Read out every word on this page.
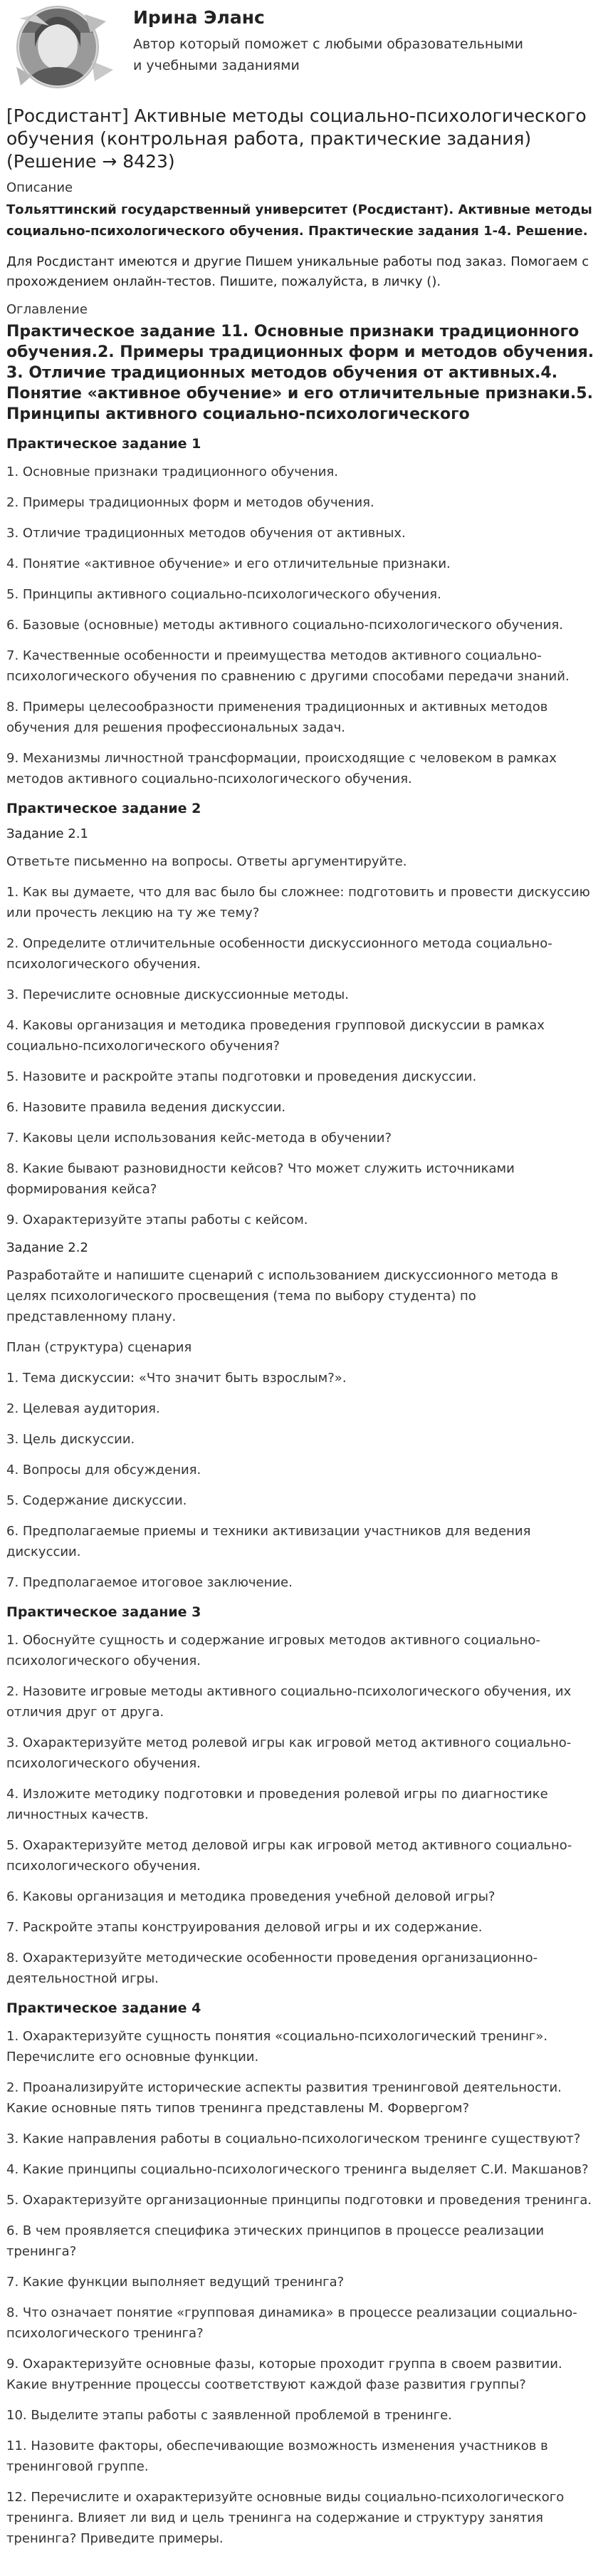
Ирина Эланс
Автор который поможет с любыми образовательными и учебными заданиями
[Росдистант] Активные методы социально-психологического обучения (контрольная работа, практические задания) (Решение → 8423)
Описание
Тольяттинский государственный университет (Росдистант). Активные методы социально-психологического обучения. Практические задания 1-4. Решение.
Для Росдистант имеются и другие Пишем уникальные работы под заказ. Помогаем с прохождением онлайн-тестов. Пишите, пожалуйста, в личку ().
Оглавление
Практическое задание 11. Основные признаки традиционного обучения.2. Примеры традиционных форм и методов обучения. 3. Отличие традиционных методов обучения от активных.4. Понятие «активное обучение» и его отличительные признаки.5. Принципы активного социально-психологического
Практическое задание 1
1. Основные признаки традиционного обучения.
2. Примеры традиционных форм и методов обучения.
3. Отличие традиционных методов обучения от активных.
4. Понятие «активное обучение» и его отличительные признаки.
5. Принципы активного социально-психологического обучения.
6. Базовые (основные) методы активного социально-психологического обучения.
7. Качественные особенности и преимущества методов активного социально-психологического обучения по сравнению с другими способами передачи знаний.
8. Примеры целесообразности применения традиционных и активных методов обучения для решения профессиональных задач.
9. Механизмы личностной трансформации, происходящие с человеком в рамках методов активного социально-психологического обучения.
Практическое задание 2
Задание 2.1
Ответьте письменно на вопросы. Ответы аргументируйте.
1. Как вы думаете, что для вас было бы сложнее: подготовить и провести дискуссию или прочесть лекцию на ту же тему?
2. Определите отличительные особенности дискуссионного метода социально-психологического обучения.
3. Перечислите основные дискуссионные методы.
4. Каковы организация и методика проведения групповой дискуссии в рамках социально-психологического обучения?
5. Назовите и раскройте этапы подготовки и проведения дискуссии.
6. Назовите правила ведения дискуссии.
7. Каковы цели использования кейс-метода в обучении?
8. Какие бывают разновидности кейсов? Что может служить источниками формирования кейса?
9. Охарактеризуйте этапы работы с кейсом.
Задание 2.2
Разработайте и напишите сценарий с использованием дискуссионного метода в целях психологического просвещения (тема по выбору студента) по представленному плану.
План (структура) сценария
1. Тема дискуссии: «Что значит быть взрослым?».
2. Целевая аудитория.
3. Цель дискуссии.
4. Вопросы для обсуждения.
5. Содержание дискуссии.
6. Предполагаемые приемы и техники активизации участников для ведения дискуссии.
7. Предполагаемое итоговое заключение.
Практическое задание 3
1. Обоснуйте сущность и содержание игровых методов активного социально-психологического обучения.
2. Назовите игровые методы активного социально-психологического обучения, их отличия друг от друга.
3. Охарактеризуйте метод ролевой игры как игровой метод активного социально-психологического обучения.
4. Изложите методику подготовки и проведения ролевой игры по диагностике личностных качеств.
5. Охарактеризуйте метод деловой игры как игровой метод активного социально-психологического обучения.
6. Каковы организация и методика проведения учебной деловой игры?
7. Раскройте этапы конструирования деловой игры и их содержание.
8. Охарактеризуйте методические особенности проведения организационно-деятельностной игры.
Практическое задание 4
1. Охарактеризуйте сущность понятия «социально-психологический тренинг». Перечислите его основные функции.
2. Проанализируйте исторические аспекты развития тренинговой деятельности. Какие основные пять типов тренинга представлены М. Форвергом?
3. Какие направления работы в социально-психологическом тренинге существуют?
4. Какие принципы социально-психологического тренинга выделяет С.И. Макшанов?
5. Охарактеризуйте организационные принципы подготовки и проведения тренинга.
6. В чем проявляется специфика этических принципов в процессе реализации тренинга?
7. Какие функции выполняет ведущий тренинга?
8. Что означает понятие «групповая динамика» в процессе реализации социально-психологического тренинга?
9. Охарактеризуйте основные фазы, которые проходит группа в своем развитии. Какие внутренние процессы соответствуют каждой фазе развития группы?
10. Выделите этапы работы с заявленной проблемой в тренинге.
11. Назовите факторы, обеспечивающие возможность изменения участников в тренинговой группе.
12. Перечислите и охарактеризуйте основные виды социально-психологического тренинга. Влияет ли вид и цель тренинга на содержание и структуру занятия тренинга? Приведите примеры.
